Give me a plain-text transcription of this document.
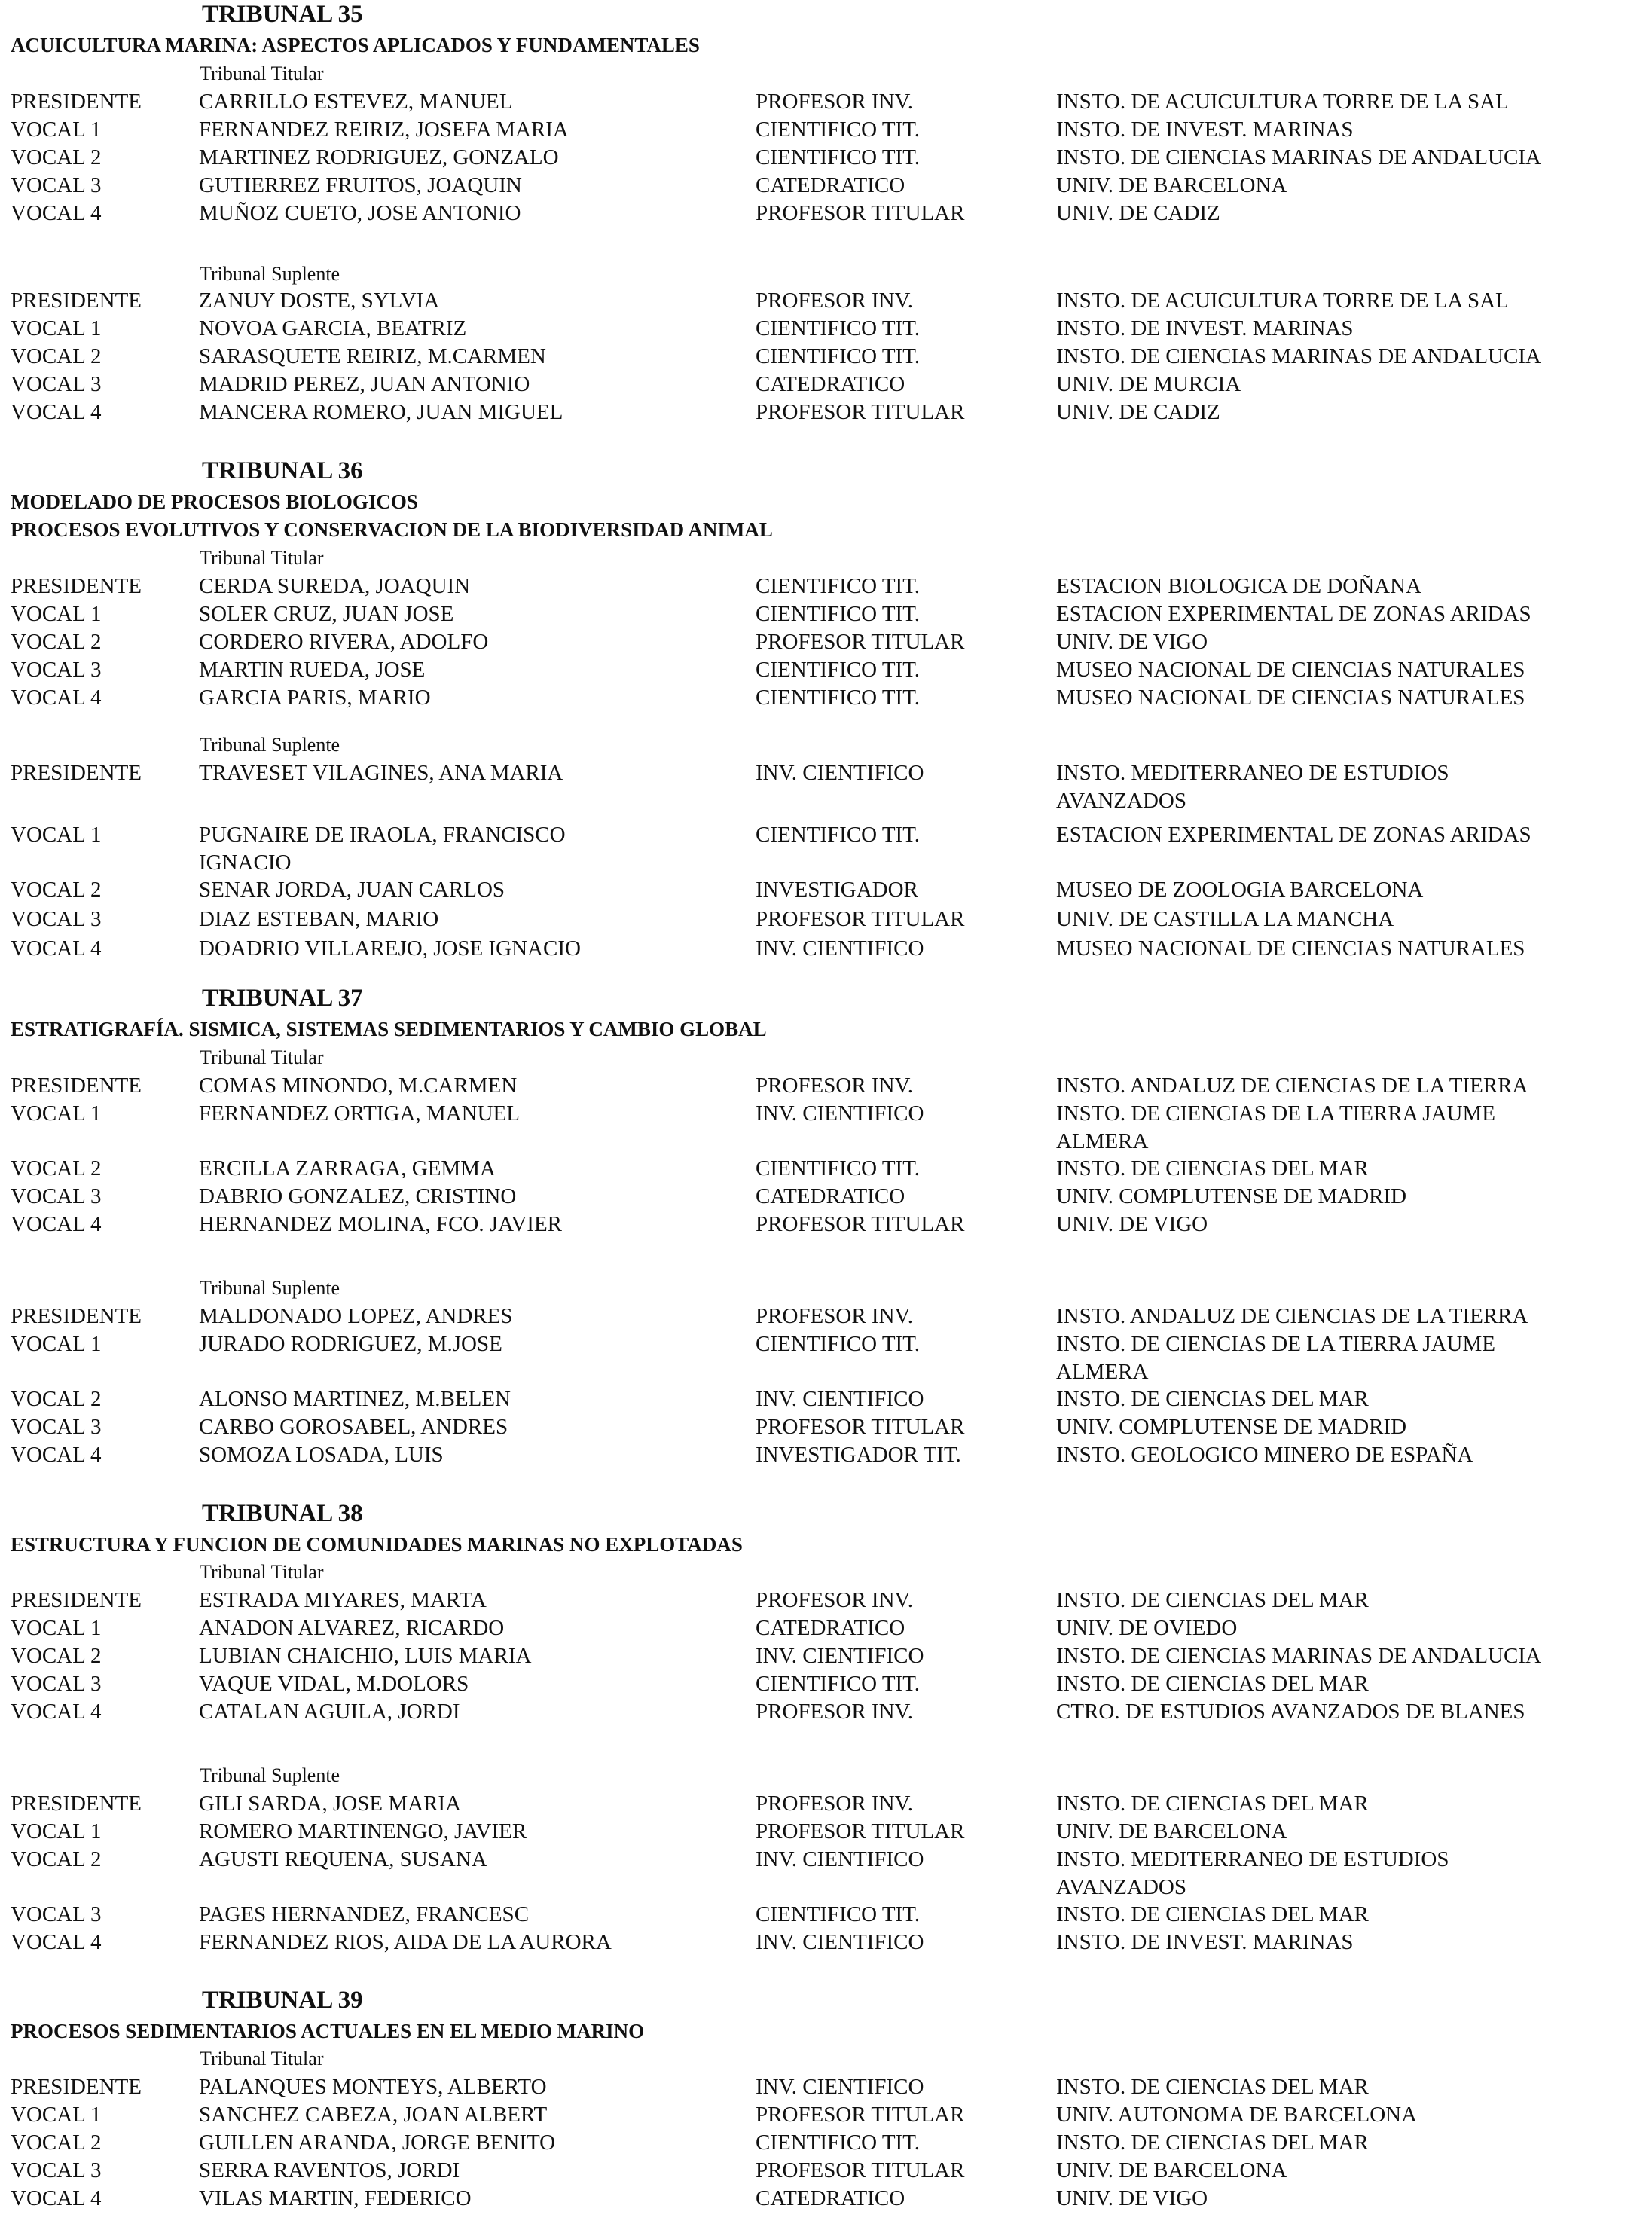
TRIBUNAL 35
ACUICULTURA MARINA: ASPECTOS APLICADOS Y FUNDAMENTALES
Tribunal Titular
PRESIDENTE	CARRILLO ESTEVEZ, MANUEL	PROFESOR INV.	INSTO. DE ACUICULTURA TORRE DE LA SAL
VOCAL 1	FERNANDEZ REIRIZ, JOSEFA MARIA	CIENTIFICO TIT.	INSTO. DE INVEST. MARINAS
VOCAL 2	MARTINEZ RODRIGUEZ, GONZALO	CIENTIFICO TIT.	INSTO. DE CIENCIAS MARINAS DE ANDALUCIA
VOCAL 3	GUTIERREZ FRUITOS, JOAQUIN	CATEDRATICO	UNIV. DE BARCELONA
VOCAL 4	MUÑOZ CUETO, JOSE ANTONIO	PROFESOR TITULAR	UNIV. DE CADIZ
Tribunal Suplente
PRESIDENTE	ZANUY DOSTE, SYLVIA	PROFESOR INV.	INSTO. DE ACUICULTURA TORRE DE LA SAL
VOCAL 1	NOVOA GARCIA, BEATRIZ	CIENTIFICO TIT.	INSTO. DE INVEST. MARINAS
VOCAL 2	SARASQUETE REIRIZ, M.CARMEN	CIENTIFICO TIT.	INSTO. DE CIENCIAS MARINAS DE ANDALUCIA
VOCAL 3	MADRID PEREZ, JUAN ANTONIO	CATEDRATICO	UNIV. DE MURCIA
VOCAL 4	MANCERA ROMERO, JUAN MIGUEL	PROFESOR TITULAR	UNIV. DE CADIZ
TRIBUNAL 36
MODELADO DE PROCESOS BIOLOGICOS
PROCESOS EVOLUTIVOS Y CONSERVACION DE LA BIODIVERSIDAD ANIMAL
Tribunal Titular
PRESIDENTE	CERDA SUREDA, JOAQUIN	CIENTIFICO TIT.	ESTACION BIOLOGICA DE DOÑANA
VOCAL 1	SOLER CRUZ, JUAN JOSE	CIENTIFICO TIT.	ESTACION EXPERIMENTAL DE ZONAS ARIDAS
VOCAL 2	CORDERO RIVERA, ADOLFO	PROFESOR TITULAR	UNIV. DE VIGO
VOCAL 3	MARTIN RUEDA, JOSE	CIENTIFICO TIT.	MUSEO NACIONAL DE CIENCIAS NATURALES
VOCAL 4	GARCIA PARIS, MARIO	CIENTIFICO TIT.	MUSEO NACIONAL DE CIENCIAS NATURALES
Tribunal Suplente
PRESIDENTE	TRAVESET VILAGINES, ANA MARIA	INV. CIENTIFICO	INSTO. MEDITERRANEO DE ESTUDIOS
AVANZADOS
VOCAL 1	PUGNAIRE DE IRAOLA, FRANCISCO	CIENTIFICO TIT.	ESTACION EXPERIMENTAL DE ZONAS ARIDAS
IGNACIO
VOCAL 2	SENAR JORDA, JUAN CARLOS	INVESTIGADOR	MUSEO DE ZOOLOGIA BARCELONA
VOCAL 3	DIAZ ESTEBAN, MARIO	PROFESOR TITULAR	UNIV. DE CASTILLA LA MANCHA
VOCAL 4	DOADRIO VILLAREJO, JOSE IGNACIO	INV. CIENTIFICO	MUSEO NACIONAL DE CIENCIAS NATURALES
TRIBUNAL 37
ESTRATIGRAFÍA. SISMICA, SISTEMAS SEDIMENTARIOS Y CAMBIO GLOBAL
Tribunal Titular
PRESIDENTE	COMAS MINONDO, M.CARMEN	PROFESOR INV.	INSTO. ANDALUZ DE CIENCIAS DE LA TIERRA
VOCAL 1	FERNANDEZ ORTIGA, MANUEL	INV. CIENTIFICO	INSTO. DE CIENCIAS DE LA TIERRA JAUME
ALMERA
VOCAL 2	ERCILLA ZARRAGA, GEMMA	CIENTIFICO TIT.	INSTO. DE CIENCIAS DEL MAR
VOCAL 3	DABRIO GONZALEZ, CRISTINO	CATEDRATICO	UNIV. COMPLUTENSE DE MADRID
VOCAL 4	HERNANDEZ MOLINA, FCO. JAVIER	PROFESOR TITULAR	UNIV. DE VIGO
Tribunal Suplente
PRESIDENTE	MALDONADO LOPEZ, ANDRES	PROFESOR INV.	INSTO. ANDALUZ DE CIENCIAS DE LA TIERRA
VOCAL 1	JURADO RODRIGUEZ, M.JOSE	CIENTIFICO TIT.	INSTO. DE CIENCIAS DE LA TIERRA JAUME
ALMERA
VOCAL 2	ALONSO MARTINEZ, M.BELEN	INV. CIENTIFICO	INSTO. DE CIENCIAS DEL MAR
VOCAL 3	CARBO GOROSABEL, ANDRES	PROFESOR TITULAR	UNIV. COMPLUTENSE DE MADRID
VOCAL 4	SOMOZA LOSADA, LUIS	INVESTIGADOR TIT.	INSTO. GEOLOGICO MINERO DE ESPAÑA
TRIBUNAL 38
ESTRUCTURA Y FUNCION DE COMUNIDADES MARINAS NO EXPLOTADAS
Tribunal Titular
PRESIDENTE	ESTRADA MIYARES, MARTA	PROFESOR INV.	INSTO. DE CIENCIAS DEL MAR
VOCAL 1	ANADON ALVAREZ, RICARDO	CATEDRATICO	UNIV. DE OVIEDO
VOCAL 2	LUBIAN CHAICHIO, LUIS MARIA	INV. CIENTIFICO	INSTO. DE CIENCIAS MARINAS DE ANDALUCIA
VOCAL 3	VAQUE VIDAL, M.DOLORS	CIENTIFICO TIT.	INSTO. DE CIENCIAS DEL MAR
VOCAL 4	CATALAN AGUILA, JORDI	PROFESOR INV.	CTRO. DE ESTUDIOS AVANZADOS DE BLANES
Tribunal Suplente
PRESIDENTE	GILI SARDA, JOSE MARIA	PROFESOR INV.	INSTO. DE CIENCIAS DEL MAR
VOCAL 1	ROMERO MARTINENGO, JAVIER	PROFESOR TITULAR	UNIV. DE BARCELONA
VOCAL 2	AGUSTI REQUENA, SUSANA	INV. CIENTIFICO	INSTO. MEDITERRANEO DE ESTUDIOS
AVANZADOS
VOCAL 3	PAGES HERNANDEZ, FRANCESC	CIENTIFICO TIT.	INSTO. DE CIENCIAS DEL MAR
VOCAL 4	FERNANDEZ RIOS, AIDA DE LA AURORA	INV. CIENTIFICO	INSTO. DE INVEST. MARINAS
TRIBUNAL 39
PROCESOS SEDIMENTARIOS ACTUALES EN EL MEDIO MARINO
Tribunal Titular
PRESIDENTE	PALANQUES MONTEYS, ALBERTO	INV. CIENTIFICO	INSTO. DE CIENCIAS DEL MAR
VOCAL 1	SANCHEZ CABEZA, JOAN ALBERT	PROFESOR TITULAR	UNIV. AUTONOMA DE BARCELONA
VOCAL 2	GUILLEN ARANDA, JORGE BENITO	CIENTIFICO TIT.	INSTO. DE CIENCIAS DEL MAR
VOCAL 3	SERRA RAVENTOS, JORDI	PROFESOR TITULAR	UNIV. DE BARCELONA
VOCAL 4	VILAS MARTIN, FEDERICO	CATEDRATICO	UNIV. DE VIGO
